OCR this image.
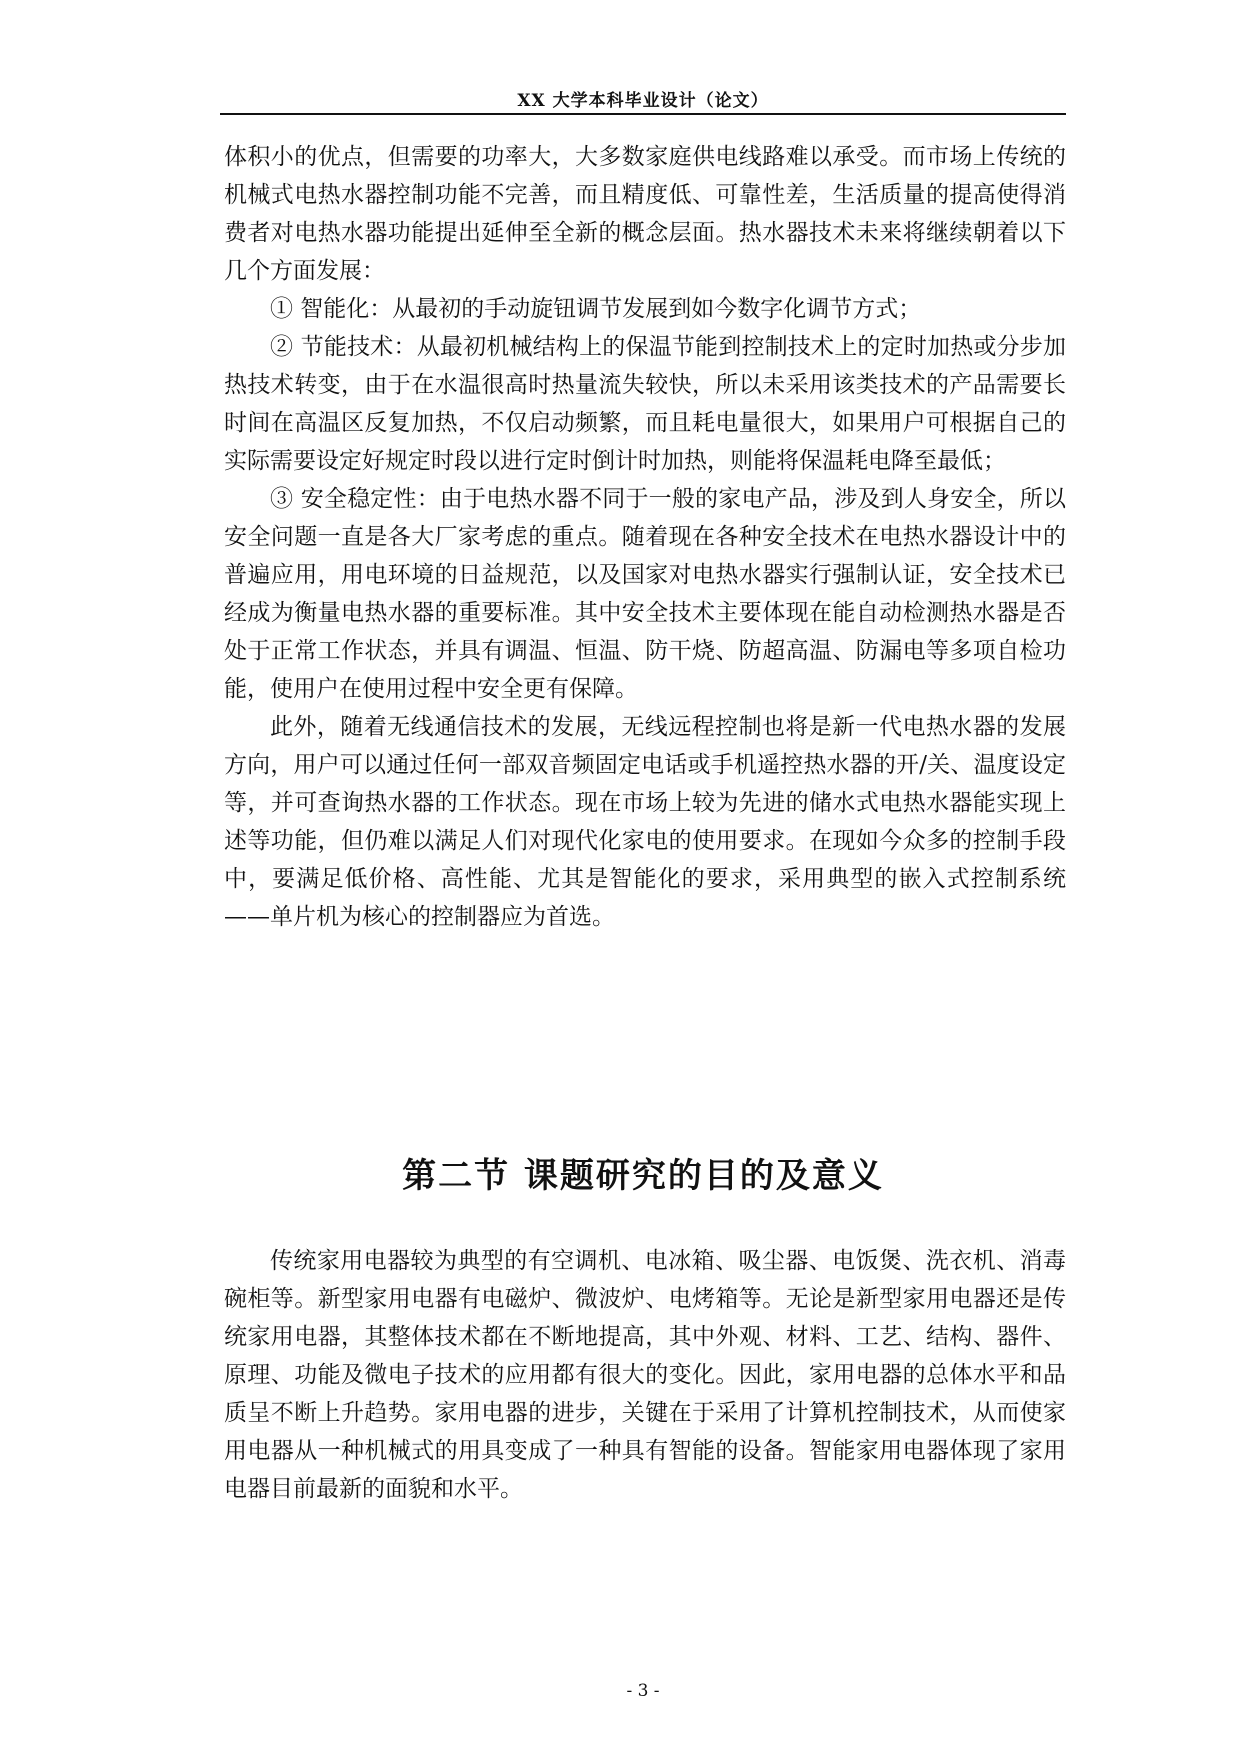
XX 大学本科毕业设计（论文）

体积小的优点，但需要的功率大，大多数家庭供电线路难以承受。而市场上传统的机械式电热水器控制功能不完善，而且精度低、可靠性差，生活质量的提高使得消费者对电热水器功能提出延伸至全新的概念层面。热水器技术未来将继续朝着以下几个方面发展：

① 智能化：从最初的手动旋钮调节发展到如今数字化调节方式；

② 节能技术：从最初机械结构上的保温节能到控制技术上的定时加热或分步加热技术转变，由于在水温很高时热量流失较快，所以未采用该类技术的产品需要长时间在高温区反复加热，不仅启动频繁，而且耗电量很大，如果用户可根据自己的实际需要设定好规定时段以进行定时倒计时加热，则能将保温耗电降至最低；

③ 安全稳定性：由于电热水器不同于一般的家电产品，涉及到人身安全，所以安全问题一直是各大厂家考虑的重点。随着现在各种安全技术在电热水器设计中的普遍应用，用电环境的日益规范，以及国家对电热水器实行强制认证，安全技术已经成为衡量电热水器的重要标准。其中安全技术主要体现在能自动检测热水器是否处于正常工作状态，并具有调温、恒温、防干烧、防超高温、防漏电等多项自检功能，使用户在使用过程中安全更有保障。

此外，随着无线通信技术的发展，无线远程控制也将是新一代电热水器的发展方向，用户可以通过任何一部双音频固定电话或手机遥控热水器的开/关、温度设定等，并可查询热水器的工作状态。现在市场上较为先进的储水式电热水器能实现上述等功能，但仍难以满足人们对现代化家电的使用要求。在现如今众多的控制手段中，要满足低价格、高性能、尤其是智能化的要求，采用典型的嵌入式控制系统——单片机为核心的控制器应为首选。

第二节 课题研究的目的及意义

传统家用电器较为典型的有空调机、电冰箱、吸尘器、电饭煲、洗衣机、消毒碗柜等。新型家用电器有电磁炉、微波炉、电烤箱等。无论是新型家用电器还是传统家用电器，其整体技术都在不断地提高，其中外观、材料、工艺、结构、器件、原理、功能及微电子技术的应用都有很大的变化。因此，家用电器的总体水平和品质呈不断上升趋势。家用电器的进步，关键在于采用了计算机控制技术，从而使家用电器从一种机械式的用具变成了一种具有智能的设备。智能家用电器体现了家用电器目前最新的面貌和水平。

- 3 -
